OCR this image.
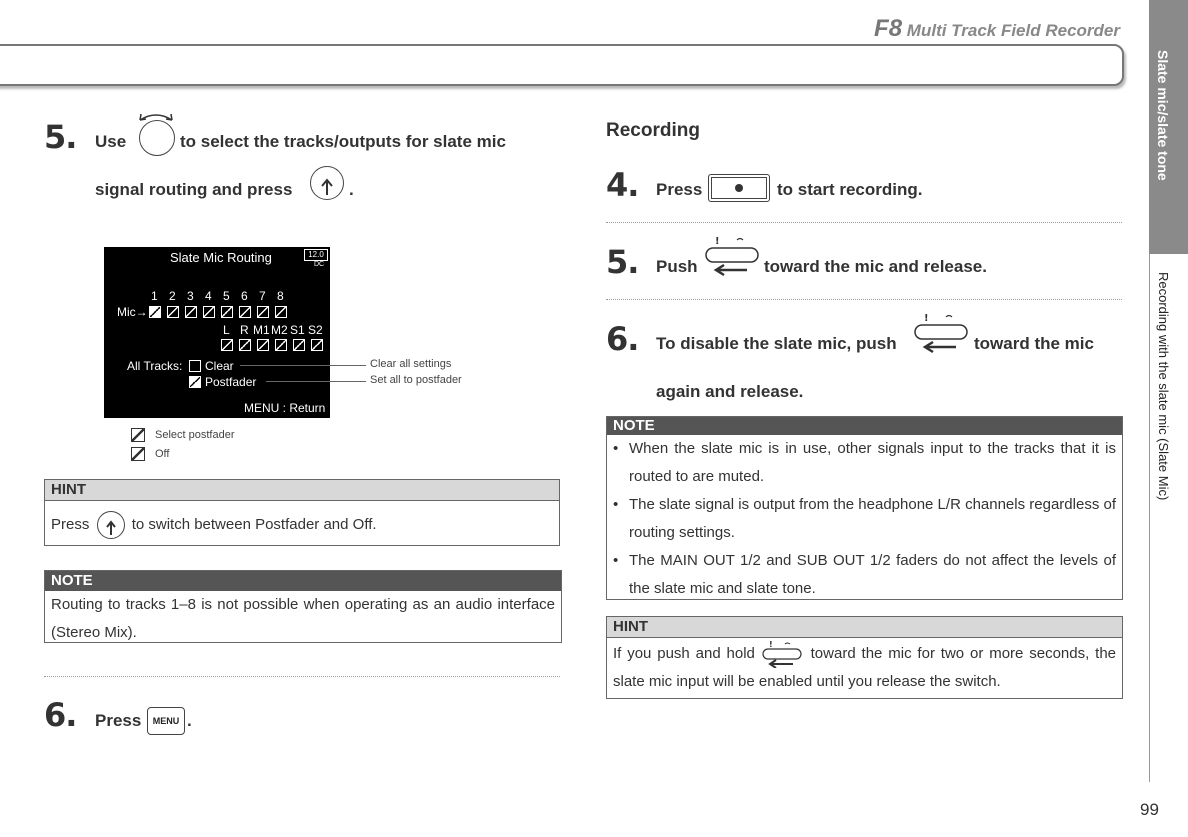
F8 Multi Track Field Recorder
Slate mic/slate tone
Recording with the slate mic (Slate Mic)
99
5. Use	to select the tracks/outputs for slate mic
signal routing and press	.
Slate Mic Routing	12.0
DC
1 2 3 4 5 6 7 8
Mic→
L R M1 M2 S1 S2
All Tracks: Clear
Postfader
MENU : Return
Clear all settings
Set all to postfader
Select postfader
Off
HINT
Press	to switch between Postfader and Off.
NOTE
Routing to tracks 1–8 is not possible when operating as an audio interface (Stereo Mix).
6. Press	MENU .
Recording
4. Press	to start recording.
5. Push
!
toward the mic and release.
6. To disable the slate mic, push
!
toward the mic
again and release.
NOTE
• When the slate mic is in use, other signals input to the tracks that it is routed to are muted.
• The slate signal is output from the headphone L/R channels regardless of routing settings.
• The MAIN OUT 1/2 and SUB OUT 1/2 faders do not affect the levels of the slate mic and slate tone.
HINT
If you push and hold
!
toward the mic for two or more seconds, the slate mic input will be enabled until you release the switch.
